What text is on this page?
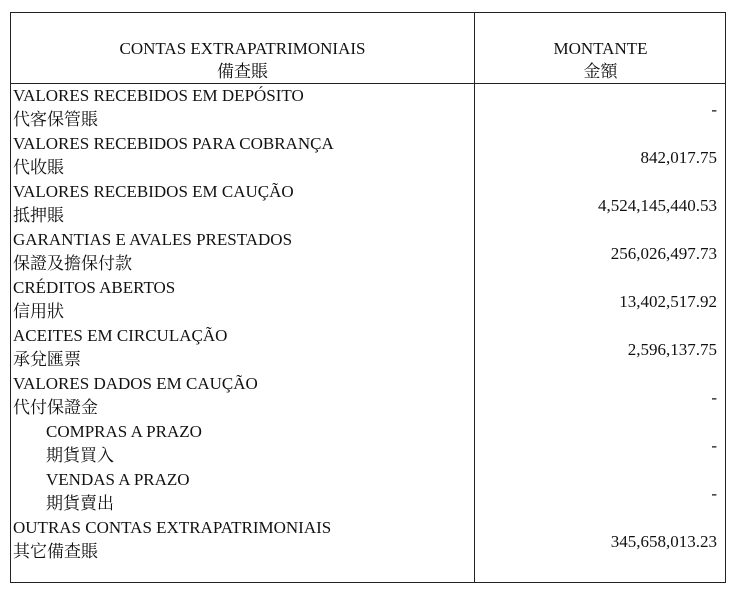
CONTAS EXTRAPATRIMONIAIS
備查賬
MONTANTE
金額
VALORES RECEBIDOS EM DEPÓSITO
代客保管賬
-
VALORES RECEBIDOS PARA COBRANÇA
代收賬
842,017.75
VALORES RECEBIDOS EM CAUÇÃO
抵押賬
4,524,145,440.53
GARANTIAS E AVALES PRESTADOS
保證及擔保付款
256,026,497.73
CRÉDITOS ABERTOS
信用狀
13,402,517.92
ACEITES EM CIRCULAÇÃO
承兌匯票
2,596,137.75
VALORES DADOS EM CAUÇÃO
代付保證金
-
COMPRAS A PRAZO
期貨買入
-
VENDAS A PRAZO
期貨賣出
-
OUTRAS CONTAS EXTRAPATRIMONIAIS
其它備查賬
345,658,013.23
